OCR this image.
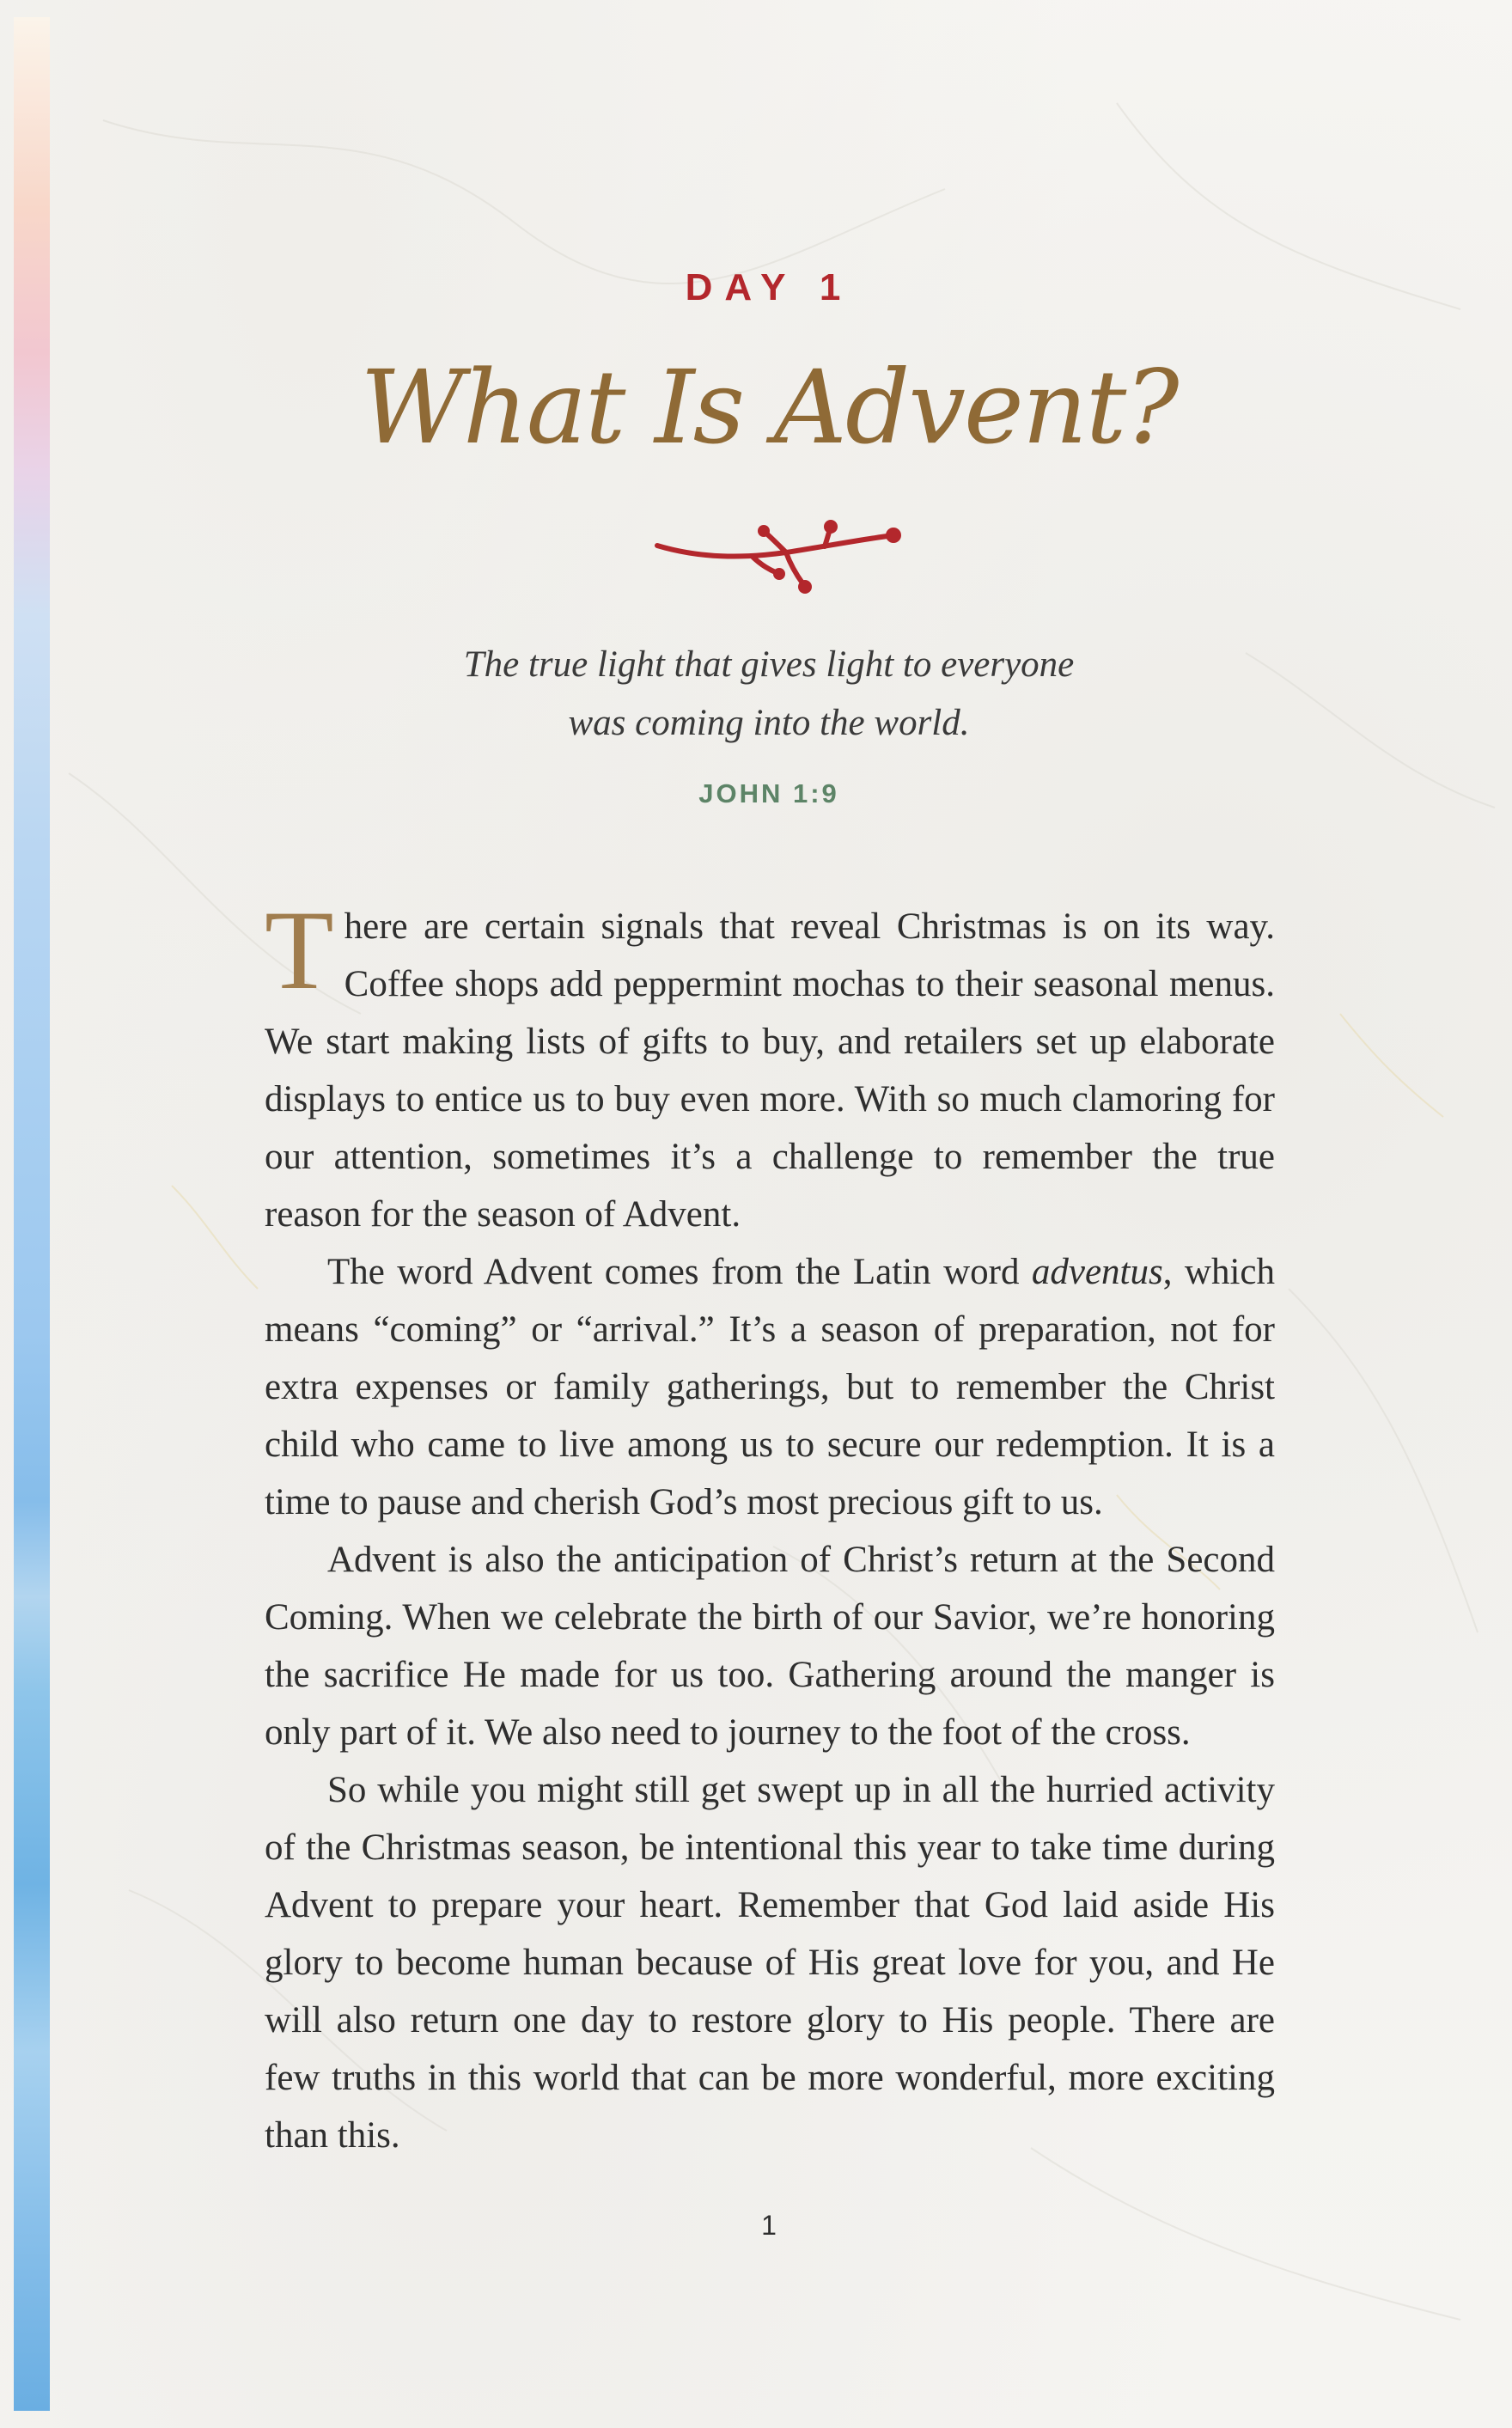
DAY 1
What Is Advent?
The true light that gives light to everyone
was coming into the world.
JOHN 1:9

There are certain signals that reveal Christmas is on its way. Coffee shops add peppermint mochas to their seasonal menus. We start making lists of gifts to buy, and retailers set up elaborate displays to entice us to buy even more. With so much clamoring for our attention, sometimes it’s a challenge to remember the true reason for the season of Advent.

The word Advent comes from the Latin word adventus, which means “coming” or “arrival.” It’s a season of preparation, not for extra expenses or family gatherings, but to remember the Christ child who came to live among us to secure our redemption. It is a time to pause and cherish God’s most precious gift to us.

Advent is also the anticipation of Christ’s return at the Second Coming. When we celebrate the birth of our Savior, we’re honoring the sacrifice He made for us too. Gathering around the manger is only part of it. We also need to journey to the foot of the cross.

So while you might still get swept up in all the hurried activity of the Christmas season, be intentional this year to take time during Advent to prepare your heart. Remember that God laid aside His glory to become human because of His great love for you, and He will also return one day to restore glory to His people. There are few truths in this world that can be more wonderful, more exciting than this.

1
